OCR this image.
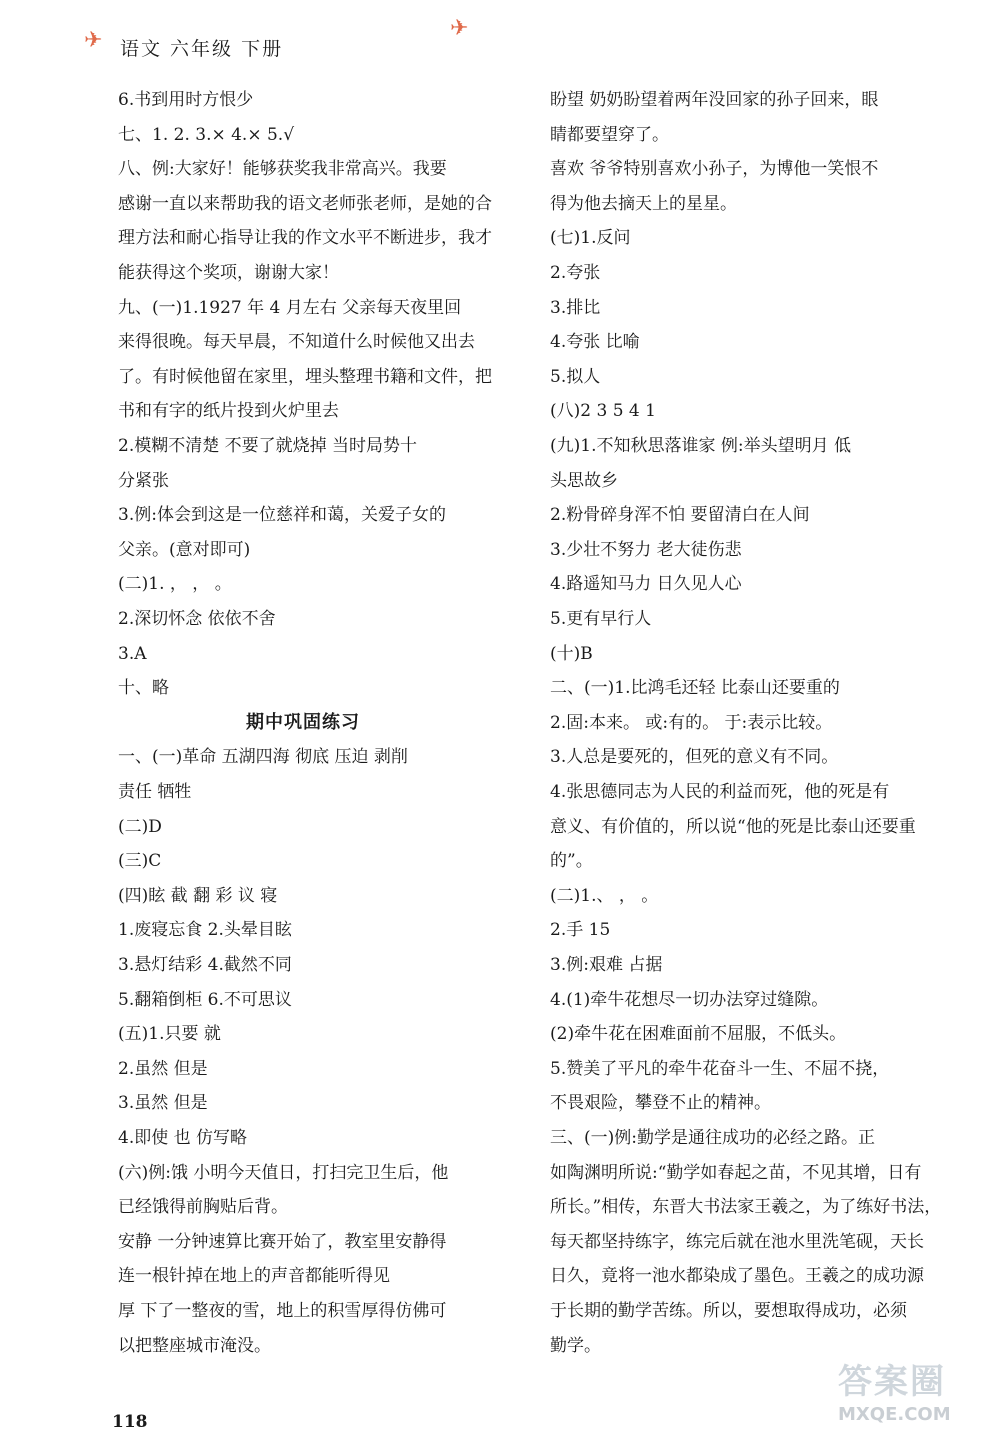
✈ 语文 六年级 下册
✈
6.书到用时方恨少
七、1. 2. 3.× 4.× 5.√
八、例:大家好！能够获奖我非常高兴。我要
感谢一直以来帮助我的语文老师张老师，是她的合
理方法和耐心指导让我的作文水平不断进步，我才
能获得这个奖项，谢谢大家！
九、(一)1.1927 年 4 月左右 父亲每天夜里回
来得很晚。每天早晨，不知道什么时候他又出去
了。有时候他留在家里，埋头整理书籍和文件，把
书和有字的纸片投到火炉里去
2.模糊不清楚 不要了就烧掉 当时局势十
分紧张
3.例:体会到这是一位慈祥和蔼，关爱子女的
父亲。(意对即可)
(二)1. ， ， 。
2.深切怀念 依依不舍
3.A
十、略
期中巩固练习
一、(一)革命 五湖四海 彻底 压迫 剥削
责任 牺牲
(二)D
(三)C
(四)眩 截 翻 彩 议 寝
1.废寝忘食 2.头晕目眩
3.悬灯结彩 4.截然不同
5.翻箱倒柜 6.不可思议
(五)1.只要 就
2.虽然 但是
3.虽然 但是
4.即使 也 仿写略
(六)例:饿 小明今天值日，打扫完卫生后，他
已经饿得前胸贴后背。
安静 一分钟速算比赛开始了，教室里安静得
连一根针掉在地上的声音都能听得见
厚 下了一整夜的雪，地上的积雪厚得仿佛可
以把整座城市淹没。
盼望 奶奶盼望着两年没回家的孙子回来，眼
睛都要望穿了。
喜欢 爷爷特别喜欢小孙子，为博他一笑恨不
得为他去摘天上的星星。
(七)1.反问
2.夸张
3.排比
4.夸张 比喻
5.拟人
(八)2 3 5 4 1
(九)1.不知秋思落谁家 例:举头望明月 低
头思故乡
2.粉骨碎身浑不怕 要留清白在人间
3.少壮不努力 老大徒伤悲
4.路遥知马力 日久见人心
5.更有早行人
(十)B
二、(一)1.比鸿毛还轻 比泰山还要重的
2.固:本来。 或:有的。 于:表示比较。
3.人总是要死的，但死的意义有不同。
4.张思德同志为人民的利益而死，他的死是有
意义、有价值的，所以说“他的死是比泰山还要重
的”。
(二)1.、 ， 。
2.手 15
3.例:艰难 占据
4.(1)牵牛花想尽一切办法穿过缝隙。
(2)牵牛花在困难面前不屈服，不低头。
5.赞美了平凡的牵牛花奋斗一生、不屈不挠，
不畏艰险，攀登不止的精神。
三、(一)例:勤学是通往成功的必经之路。正
如陶渊明所说:“勤学如春起之苗，不见其增，日有
所长。”相传，东晋大书法家王羲之，为了练好书法，
每天都坚持练字，练完后就在池水里洗笔砚，天长
日久，竟将一池水都染成了墨色。王羲之的成功源
于长期的勤学苦练。所以，要想取得成功，必须
勤学。
118
答案圈
MXQE.COM
